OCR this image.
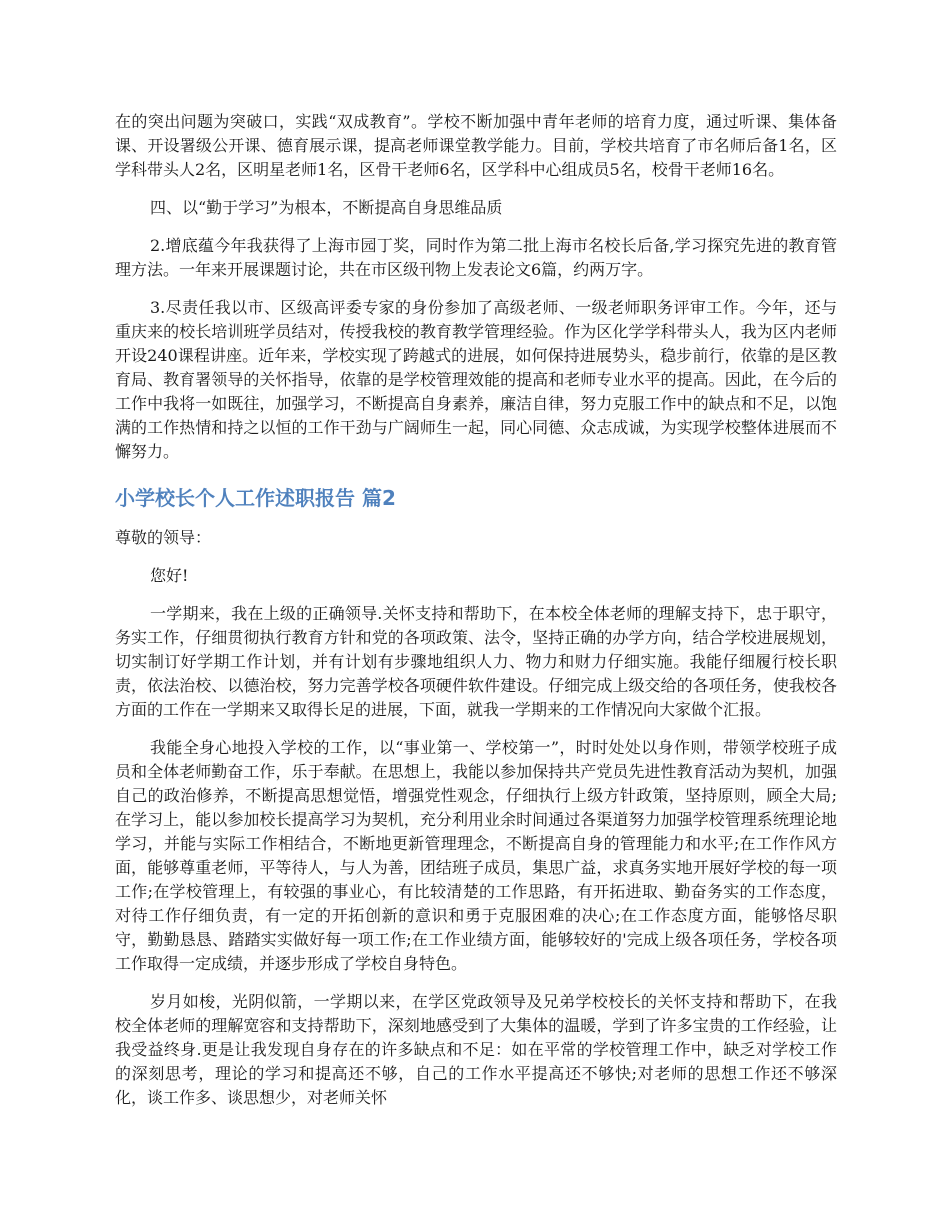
在的突出问题为突破口，实践“双成教育”。学校不断加强中青年老师的培育力度，通过听课、集体备课、开设署级公开课、德育展示课，提高老师课堂教学能力。目前，学校共培育了市名师后备1名，区学科带头人2名，区明星老师1名，区骨干老师6名，区学科中心组成员5名，校骨干老师16名。

四、以“勤于学习”为根本，不断提高自身思维品质

2.增底蕴今年我获得了上海市园丁奖，同时作为第二批上海市名校长后备,学习探究先进的教育管理方法。一年来开展课题讨论，共在市区级刊物上发表论文6篇，约两万字。

3.尽责任我以市、区级高评委专家的身份参加了高级老师、一级老师职务评审工作。今年，还与重庆来的校长培训班学员结对，传授我校的教育教学管理经验。作为区化学学科带头人，我为区内老师开设240课程讲座。近年来，学校实现了跨越式的进展，如何保持进展势头，稳步前行，依靠的是区教育局、教育署领导的关怀指导，依靠的是学校管理效能的提高和老师专业水平的提高。因此，在今后的工作中我将一如既往，加强学习，不断提高自身素养，廉洁自律，努力克服工作中的缺点和不足，以饱满的工作热情和持之以恒的工作干劲与广阔师生一起，同心同德、众志成诚，为实现学校整体进展而不懈努力。

小学校长个人工作述职报告 篇2

尊敬的领导：

您好!

一学期来，我在上级的正确领导.关怀支持和帮助下，在本校全体老师的理解支持下，忠于职守，务实工作，仔细贯彻执行教育方针和党的各项政策、法令，坚持正确的办学方向，结合学校进展规划，切实制订好学期工作计划，并有计划有步骤地组织人力、物力和财力仔细实施。我能仔细履行校长职责，依法治校、以德治校，努力完善学校各项硬件软件建设。仔细完成上级交给的各项任务，使我校各方面的工作在一学期来又取得长足的进展，下面，就我一学期来的工作情况向大家做个汇报。

我能全身心地投入学校的工作，以“事业第一、学校第一”，时时处处以身作则，带领学校班子成员和全体老师勤奋工作，乐于奉献。在思想上，我能以参加保持共产党员先进性教育活动为契机，加强自己的政治修养，不断提高思想觉悟，增强党性观念，仔细执行上级方针政策，坚持原则，顾全大局;在学习上，能以参加校长提高学习为契机，充分利用业余时间通过各渠道努力加强学校管理系统理论地学习，并能与实际工作相结合，不断地更新管理理念，不断提高自身的管理能力和水平;在工作作风方面，能够尊重老师，平等待人，与人为善，团结班子成员，集思广益，求真务实地开展好学校的每一项工作;在学校管理上，有较强的事业心，有比较清楚的工作思路，有开拓进取、勤奋务实的工作态度，对待工作仔细负责，有一定的开拓创新的意识和勇于克服困难的决心;在工作态度方面，能够恪尽职守，勤勤恳恳、踏踏实实做好每一项工作;在工作业绩方面，能够较好的'完成上级各项任务，学校各项工作取得一定成绩，并逐步形成了学校自身特色。

岁月如梭，光阴似箭，一学期以来，在学区党政领导及兄弟学校校长的关怀支持和帮助下，在我校全体老师的理解宽容和支持帮助下，深刻地感受到了大集体的温暖，学到了许多宝贵的工作经验，让我受益终身.更是让我发现自身存在的许多缺点和不足：如在平常的学校管理工作中，缺乏对学校工作的深刻思考，理论的学习和提高还不够，自己的工作水平提高还不够快;对老师的思想工作还不够深化，谈工作多、谈思想少，对老师关怀
